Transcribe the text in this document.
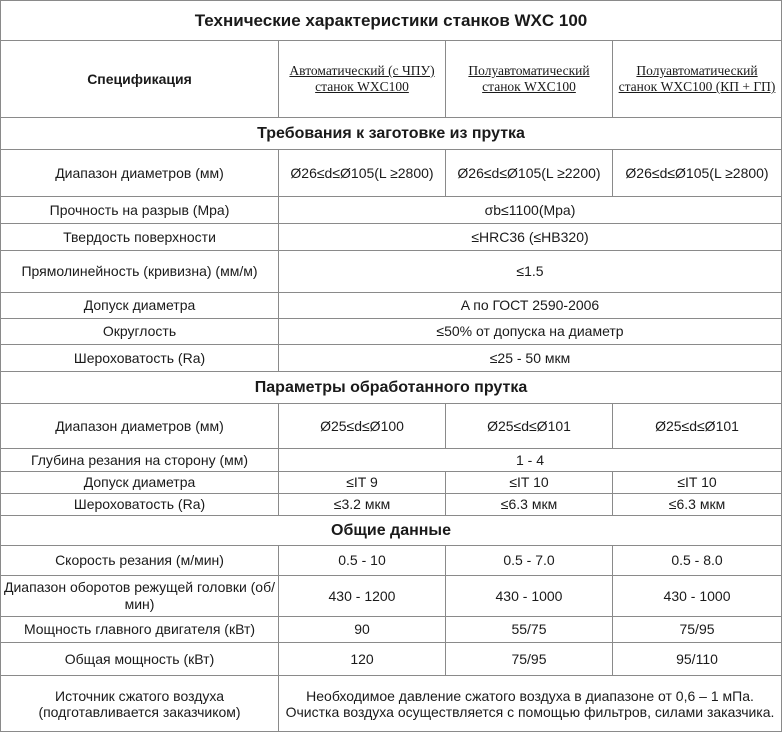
Технические характеристики станков WXC 100			
Спецификация	Автоматический (с ЧПУ) станок WXC100	Полуавтоматический станок WXC100	Полуавтоматический станок WXC100 (КП + ГП)
Требования к заготовке из прутка			
Диапазон диаметров (мм)	Ø26≤d≤Ø105(L ≥2800)	Ø26≤d≤Ø105(L ≥2200)	Ø26≤d≤Ø105(L ≥2800)
Прочность на разрыв (Mpa)	σb≤1100(Mpa)		
Твердость поверхности	≤HRC36 (≤HB320)		
Прямолинейность (кривизна) (мм/м)	≤1.5		
Допуск диаметра	A по ГОСТ 2590-2006		
Округлость	≤50% от допуска на диаметр		
Шероховатость (Ra)	≤25 - 50 мкм		
Параметры обработанного прутка			
Диапазон диаметров (мм)	Ø25≤d≤Ø100	Ø25≤d≤Ø101	Ø25≤d≤Ø101
Глубина резания на сторону (мм)	1 - 4		
Допуск диаметра	≤IT 9	≤IT 10	≤IT 10
Шероховатость (Ra)	≤3.2 мкм	≤6.3 мкм	≤6.3 мкм
Общие данные			
Скорость резания (м/мин)	0.5 - 10	0.5 - 7.0	0.5 - 8.0
Диапазон оборотов режущей головки (об/мин)	430 - 1200	430 - 1000	430 - 1000
Мощность главного двигателя (кВт)	90	55/75	75/95
Общая мощность (кВт)	120	75/95	95/110
Источник сжатого воздуха (подготавливается заказчиком)	Необходимое давление сжатого воздуха в диапазоне от 0,6 – 1 мПа. Очистка воздуха осуществляется с помощью фильтров, силами заказчика.		
